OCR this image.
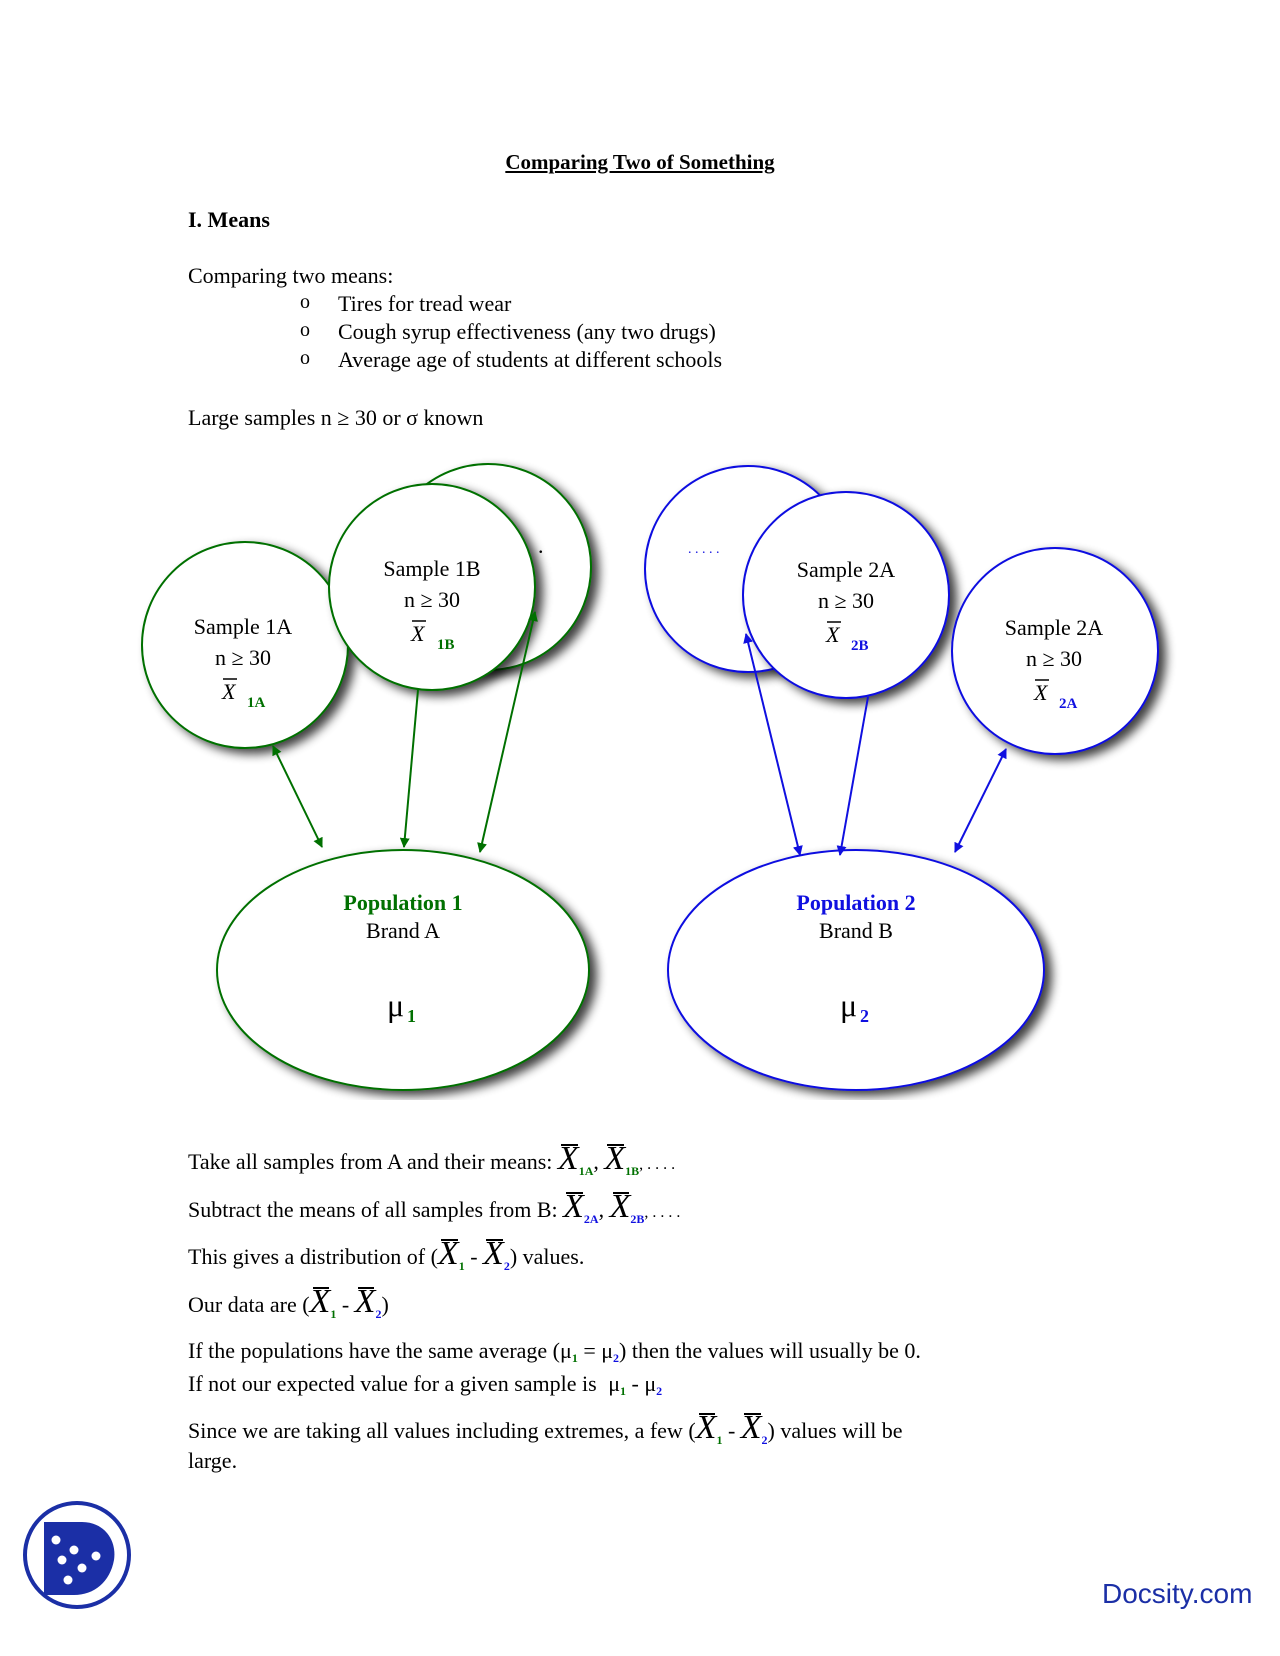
Comparing Two of Something
I. Means
Comparing two means:
o Tires for tread wear
o Cough syrup effectiveness (any two drugs)
o Average age of students at different schools
Large samples n ≥ 30 or σ known
.
Sample 1A
n ≥ 30
X 1A
Sample 1B
n ≥ 30
X 1B
Population 1
Brand A
μ 1
. . . . .
Sample 2A
n ≥ 30
X 2B
Sample 2A
n ≥ 30
X 2A
Population 2
Brand B
μ 2
Take all samples from A and their means: $X_{1A}$, $X_{1B}$, . . . .
Subtract the means of all samples from B: $X_{2A}$, $X_{2B}$, . . . .
This gives a distribution of $(X_1 - X_2)$ values.
Our data are $(X_1 - X_2)$
If the populations have the same average (μ1 = μ2) then the values will usually be 0.
If not our expected value for a given sample is μ1 - μ2
Since we are taking all values including extremes, a few $(X_1 - X_2)$ values will be
large.
Docsity.com
